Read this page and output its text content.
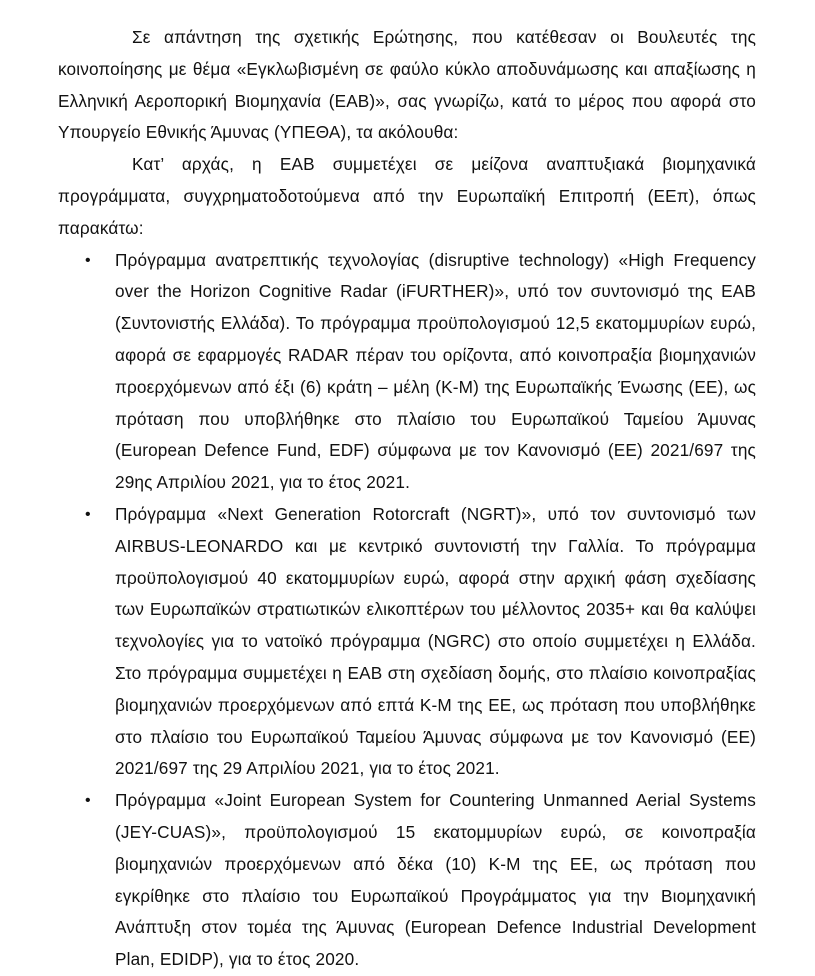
Σε απάντηση της σχετικής Ερώτησης, που κατέθεσαν οι Βουλευτές της κοινοποίησης με θέμα «Εγκλωβισμένη σε φαύλο κύκλο αποδυνάμωσης και απαξίωσης η Ελληνική Αεροπορική Βιομηχανία (ΕΑΒ)», σας γνωρίζω, κατά το μέρος που αφορά στο Υπουργείο Εθνικής Άμυνας (ΥΠΕΘΑ), τα ακόλουθα:

Κατ’ αρχάς, η ΕΑΒ συμμετέχει σε μείζονα αναπτυξιακά βιομηχανικά προγράμματα, συγχρηματοδοτούμενα από την Ευρωπαϊκή Επιτροπή (ΕΕπ), όπως παρακάτω:

• Πρόγραμμα ανατρεπτικής τεχνολογίας (disruptive technology) «High Frequency over the Horizon Cognitive Radar (iFURTHER)», υπό τον συντονισμό της ΕΑΒ (Συντονιστής Ελλάδα). Το πρόγραμμα προϋπολογισμού 12,5 εκατομμυρίων ευρώ, αφορά σε εφαρμογές RADAR πέραν του ορίζοντα, από κοινοπραξία βιομηχανιών προερχόμενων από έξι (6) κράτη – μέλη (Κ-Μ) της Ευρωπαϊκής Ένωσης (ΕΕ), ως πρόταση που υποβλήθηκε στο πλαίσιο του Ευρωπαϊκού Ταμείου Άμυνας (European Defence Fund, EDF) σύμφωνα με τον Κανονισμό (ΕΕ) 2021/697 της 29ης Απριλίου 2021, για το έτος 2021.
• Πρόγραμμα «Next Generation Rotorcraft (NGRT)», υπό τον συντονισμό των AIRBUS-LEONARDO και με κεντρικό συντονιστή την Γαλλία. Το πρόγραμμα προϋπολογισμού 40 εκατομμυρίων ευρώ, αφορά στην αρχική φάση σχεδίασης των Ευρωπαϊκών στρατιωτικών ελικοπτέρων του μέλλοντος 2035+ και θα καλύψει τεχνολογίες για το νατοϊκό πρόγραμμα (NGRC) στο οποίο συμμετέχει η Ελλάδα. Στο πρόγραμμα συμμετέχει η ΕΑΒ στη σχεδίαση δομής, στο πλαίσιο κοινοπραξίας βιομηχανιών προερχόμενων από επτά Κ-Μ της ΕΕ, ως πρόταση που υποβλήθηκε στο πλαίσιο του Ευρωπαϊκού Ταμείου Άμυνας σύμφωνα με τον Κανονισμό (ΕΕ) 2021/697 της 29 Απριλίου 2021, για το έτος 2021.
• Πρόγραμμα «Joint European System for Countering Unmanned Aerial Systems (JEY-CUAS)», προϋπολογισμού 15 εκατομμυρίων ευρώ, σε κοινοπραξία βιομηχανιών προερχόμενων από δέκα (10) Κ-Μ της ΕΕ, ως πρόταση που εγκρίθηκε στο πλαίσιο του Ευρωπαϊκού Προγράμματος για την Βιομηχανική Ανάπτυξη στον τομέα της Άμυνας (European Defence Industrial Development Plan, EDIDP), για το έτος 2020.
